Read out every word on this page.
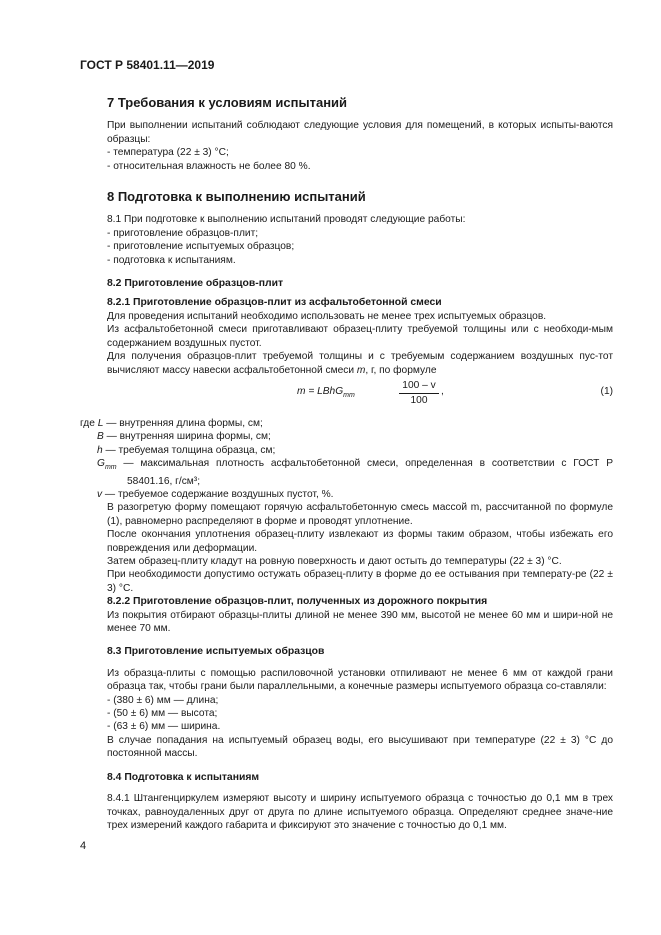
ГОСТ Р 58401.11—2019
7 Требования к условиям испытаний

При выполнении испытаний соблюдают следующие условия для помещений, в которых испыты-ваются образцы:

- температура (22 ± 3) °С;

- относительная влажность не более 80 %.

8 Подготовка к выполнению испытаний

8.1 При подготовке к выполнению испытаний проводят следующие работы:

- приготовление образцов-плит;

- приготовление испытуемых образцов;

- подготовка к испытаниям.

8.2 Приготовление образцов-плит
8.2.1 Приготовление образцов-плит из асфальтобетонной смеси

Для проведения испытаний необходимо использовать не менее трех испытуемых образцов.

Из асфальтобетонной смеси приготавливают образец-плиту требуемой толщины или с необходи-мым содержанием воздушных пустот.

Для получения образцов-плит требуемой толщины и с требуемым содержанием воздушных пус-тот вычисляют массу навески асфальтобетонной смеси m, г, по формуле

m = LBhG$_{mm}$	$\frac{100 - v}{100}$ ,	(1)

где L — внутренняя длина формы, см;

B — внутренняя ширина формы, см;

h — требуемая толщина образца, см;

$G_{mm}$ — максимальная плотность асфальтобетонной смеси, определенная в соответствии с ГОСТ Р 58401.16, г/см³;

v — требуемое содержание воздушных пустот, %.

В разогретую форму помещают горячую асфальтобетонную смесь массой m, рассчитанной по формуле (1), равномерно распределяют в форме и проводят уплотнение.

После окончания уплотнения образец-плиту извлекают из формы таким образом, чтобы избежать его повреждения или деформации.

Затем образец-плиту кладут на ровную поверхность и дают остыть до температуры (22 ± 3) °С.

При необходимости допустимо остужать образец-плиту в форме до ее остывания при температу-ре (22 ± 3) °С.

8.2.2 Приготовление образцов-плит, полученных из дорожного покрытия

Из покрытия отбирают образцы-плиты длиной не менее 390 мм, высотой не менее 60 мм и шири-ной не менее 70 мм.

8.3 Приготовление испытуемых образцов

Из образца-плиты с помощью распиловочной установки отпиливают не менее 6 мм от каждой грани образца так, чтобы грани были параллельными, а конечные размеры испытуемого образца со-ставляли:

- (380 ± 6) мм — длина;

- (50 ± 6) мм — высота;

- (63 ± 6) мм — ширина.

В случае попадания на испытуемый образец воды, его высушивают при температуре (22 ± 3) °С до постоянной массы.

8.4 Подготовка к испытаниям

8.4.1 Штангенциркулем измеряют высоту и ширину испытуемого образца с точностью до 0,1 мм в трех точках, равноудаленных друг от друга по длине испытуемого образца. Определяют среднее значе-ние трех измерений каждого габарита и фиксируют это значение с точностью до 0,1 мм.

4
